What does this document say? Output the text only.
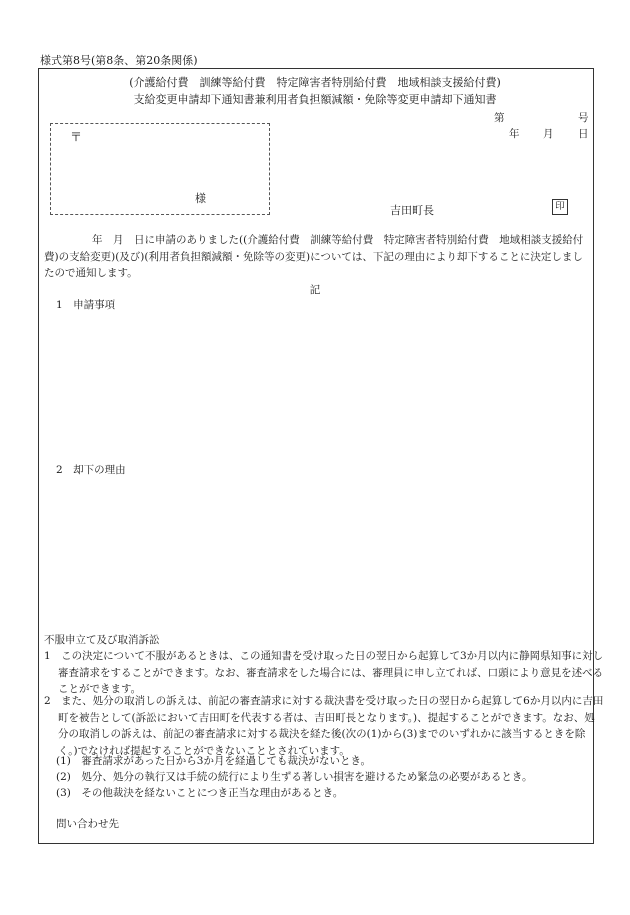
様式第8号(第8条、第20条関係)
(介護給付費　訓練等給付費　特定障害者特別給付費　地域相談支援給付費)
支給変更申請却下通知書兼利用者負担額減額・免除等変更申請却下通知書
第	号
年 月 日
〒
様
吉田町長	印
年　月　日に申請のありました((介護給付費　訓練等給付費　特定障害者特別給付費　地域相談支援給付費)の支給変更)(及び)(利用者負担額減額・免除等の変更)については、下記の理由により却下することに決定しましたので通知します。
記
1　申請事項
2　却下の理由
不服申立て及び取消訴訟
1　この決定について不服があるときは、この通知書を受け取った日の翌日から起算して3か月以内に静岡県知事に対し審査請求をすることができます。なお、審査請求をした場合には、審理員に申し立てれば、口頭により意見を述べることができます。
2　また、処分の取消しの訴えは、前記の審査請求に対する裁決書を受け取った日の翌日から起算して6か月以内に吉田町を被告として(訴訟において吉田町を代表する者は、吉田町長となります。)、提起することができます。なお、処分の取消しの訴えは、前記の審査請求に対する裁決を経た後(次の(1)から(3)までのいずれかに該当するときを除く。)でなければ提起することができないこととされています。
(1)　審査請求があった日から3か月を経過しても裁決がないとき。
(2)　処分、処分の執行又は手続の続行により生ずる著しい損害を避けるため緊急の必要があるとき。
(3)　その他裁決を経ないことにつき正当な理由があるとき。
問い合わせ先
